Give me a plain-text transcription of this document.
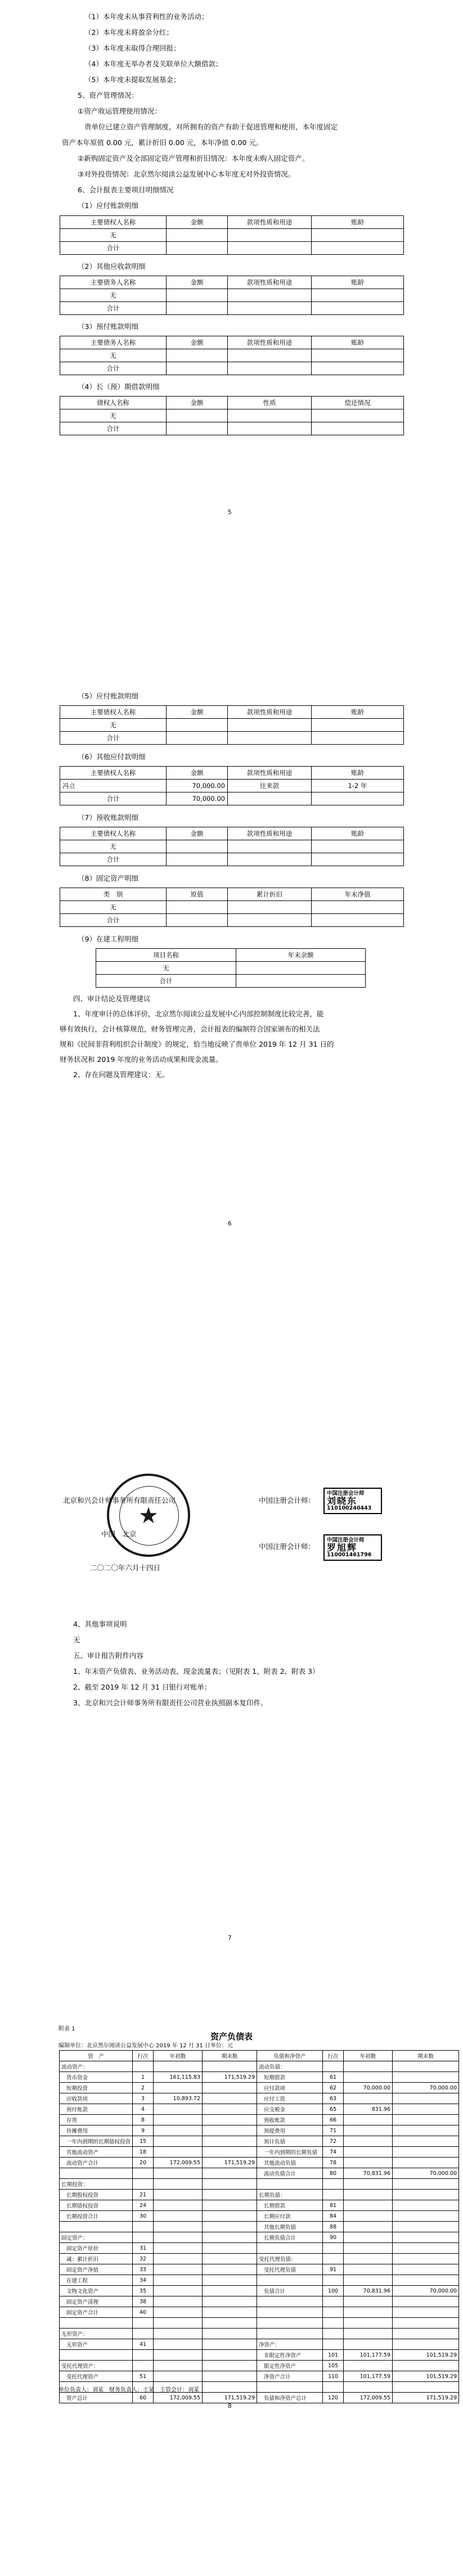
（1）本年度未从事营利性的业务活动；
（2）本年度未将盈余分红；
（3）本年度未取得合理回报；
（4）本年度无举办者及关联单位大额借款；
（5）本年度未提取发展基金；
5、资产管理情况：
①资产收运管理使用情况：
贵单位已建立资产管理制度，对所拥有的资产有助于促进管理和使用，本年度固定
资产本年原值 0.00 元，累计折旧 0.00 元，本年净值 0.00 元。
②新购固定资产及全部固定资产管理和折旧情况：本年度未购入固定资产。
③对外投资情况：北京然尔阅读公益发展中心本年度无对外投资情况。
6、会计报表主要项目明细情况
（1）应付账款明细
主要债权人名称	金额	款项性质和用途	账龄
无			
合计			
（2）其他应收款明细
主要债务人名称	金额	款项性质和用途	账龄
无			
合计			
（3）预付账款明细
主要债务人名称	金额	款项性质和用途	账龄
无			
合计			
（4）长（预）期借款明细
债权人名称	金额	性质	偿还情况
无			
合计			
5
（5）应付账款明细
主要债权人名称	金额	款项性质和用途	账龄
无			
合计			
（6）其他应付款明细
主要债权人名称	金额	款项性质和用途	账龄
冯立	70,000.00	往来款	1-2 年
合计	70,000.00		
（7）预收账款明细
主要债权人名称	金额	款项性质和用途	账龄
无			
合计			
（8）固定资产明细
类　别	原值	累计折旧	年末净值
无			
合计			
（9）在建工程明细
项目名称	年末余额
无	
合计	
四、审计结论及管理建议
1、年度审计的总体评价，北京然尔阅读公益发展中心内部控制制度比较完善，能
够有效执行，会计核算规范，财务管理完善，会计报表的编制符合国家颁布的相关法
规和《民间非营利组织会计制度》的规定，恰当地反映了贵单位 2019 年 12 月 31 日的
财务状况和 2019 年度的业务活动成果和现金流量。
2、存在问题及管理建议：无。
6
北京和兴会计师事务所有限责任公司	中国注册会计师：
中国　北京
中国注册会计师：
二〇二〇年六月十四日
★
中国注册会计师
刘晓东
110100240443
中国注册会计师
罗旭辉
110001461796
4、其他事项说明
无
五、审计报告附件内容
1、年末资产负债表、业务活动表、现金流量表；（见附表 1、附表 2、附表 3）
2、截至 2019 年 12 月 31 日银行对账单；
3、北京和兴会计师事务所有限责任公司营业执照副本复印件。
7
附表 1
资产负债表
编制单位：北京然尔阅读公益发展中心 2019 年 12 月 31 日单位：元
资　产	行次	年初数	期末数	负债和净资产	行次	年初数	期末数
流动资产：				流动负债：			
货币资金	1	161,115.83	171,519.29	短期借款	61		
短期投资	2			应付款项	62	70,000.00	70,000.00
应收款项	3	10,893.72		应付工资	63		
预付账款	4			应交税金	65	831.96	
存货	8			预收账款	66		
待摊费用	9			预提费用	71		
一年内到期的长期债权投资	15			预计负债	72		
其他流动资产	18			一年内到期的长期负债	74		
流动资产合计	20	172,009.55	171,519.29	其他流动负债	78		
				流动负债合计	80	70,831.96	70,000.00
长期投资：							
长期股权投资	21			长期负债：			
长期债权投资	24			长期借款	81		
长期投资合计	30			长期应付款	84		
				其他长期负债	88		
固定资产：				长期负债合计	90		
固定资产原价	31						
减：累计折旧	32			受托代理负债：			
固定资产净值	33			受托代理负债	91		
在建工程	34						
文物文化资产	35			负债合计	100	70,831.96	70,000.00
固定资产清理	38						
固定资产合计	40						

无形资产：							
无形资产	41			净资产：			
				非限定性净资产	101	101,177.59	101,519.29
受托代理资产：				限定性净资产	105		
受托代理资产	51			净资产合计	110	101,177.59	101,519.29

资产总计	60	172,009.55	171,519.29	负债和净资产总计	120	172,009.55	171,519.29
单位负责人：刘某　财务负责人：王某　主管会计：刘某
8
